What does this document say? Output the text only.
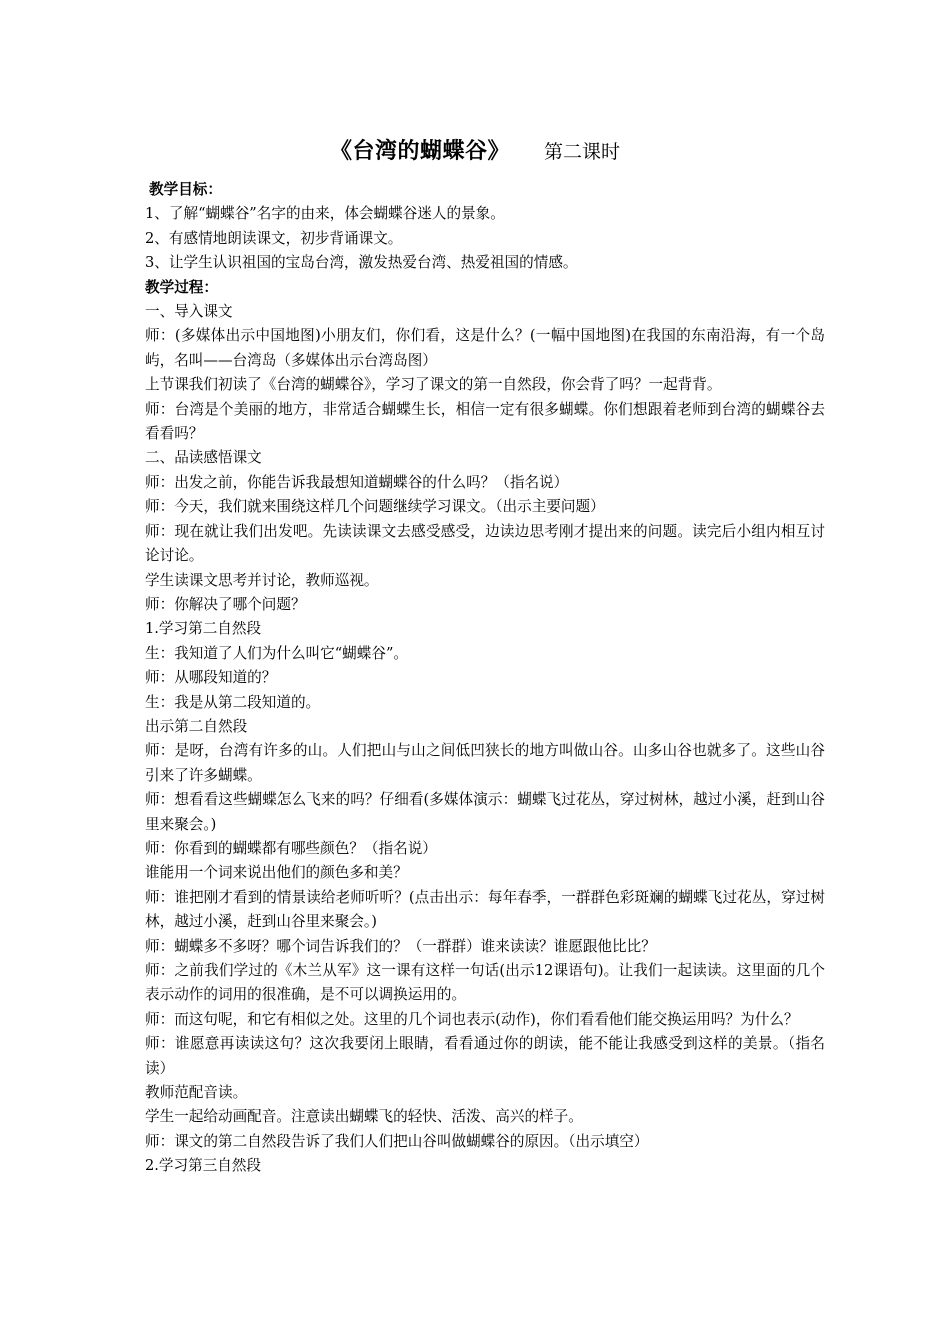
《台湾的蝴蝶谷》 第二课时

教学目标：

1、了解“蝴蝶谷”名字的由来，体会蝴蝶谷迷人的景象。

2、有感情地朗读课文，初步背诵课文。

3、让学生认识祖国的宝岛台湾，激发热爱台湾、热爱祖国的情感。

教学过程：

一、导入课文

师：(多媒体出示中国地图)小朋友们，你们看，这是什么？(一幅中国地图)在我国的东南沿海，有一个岛屿，名叫——台湾岛（多媒体出示台湾岛图）

上节课我们初读了《台湾的蝴蝶谷》，学习了课文的第一自然段，你会背了吗？一起背背。

师：台湾是个美丽的地方，非常适合蝴蝶生长，相信一定有很多蝴蝶。你们想跟着老师到台湾的蝴蝶谷去看看吗？

二、品读感悟课文

师：出发之前，你能告诉我最想知道蝴蝶谷的什么吗？（指名说）

师：今天，我们就来围绕这样几个问题继续学习课文。（出示主要问题）

师：现在就让我们出发吧。先读读课文去感受感受，边读边思考刚才提出来的问题。读完后小组内相互讨论讨论。

学生读课文思考并讨论，教师巡视。

师：你解决了哪个问题？

1.学习第二自然段

生：我知道了人们为什么叫它“蝴蝶谷”。

师：从哪段知道的？

生：我是从第二段知道的。

出示第二自然段

师：是呀，台湾有许多的山。人们把山与山之间低凹狭长的地方叫做山谷。山多山谷也就多了。这些山谷引来了许多蝴蝶。

师：想看看这些蝴蝶怎么飞来的吗？仔细看(多媒体演示：蝴蝶飞过花丛，穿过树林，越过小溪，赶到山谷里来聚会。)

师：你看到的蝴蝶都有哪些颜色？（指名说）

谁能用一个词来说出他们的颜色多和美？

师：谁把刚才看到的情景读给老师听听？(点击出示：每年春季，一群群色彩斑斓的蝴蝶飞过花丛，穿过树林，越过小溪，赶到山谷里来聚会。)

师：蝴蝶多不多呀？哪个词告诉我们的？（一群群）谁来读读？谁愿跟他比比？

师：之前我们学过的《木兰从军》这一课有这样一句话(出示12课语句)。让我们一起读读。这里面的几个表示动作的词用的很准确，是不可以调换运用的。

师：而这句呢，和它有相似之处。这里的几个词也表示(动作)，你们看看他们能交换运用吗？为什么？

师：谁愿意再读读这句？这次我要闭上眼睛，看看通过你的朗读，能不能让我感受到这样的美景。（指名读）

教师范配音读。

学生一起给动画配音。注意读出蝴蝶飞的轻快、活泼、高兴的样子。

师：课文的第二自然段告诉了我们人们把山谷叫做蝴蝶谷的原因。（出示填空）

2.学习第三自然段
